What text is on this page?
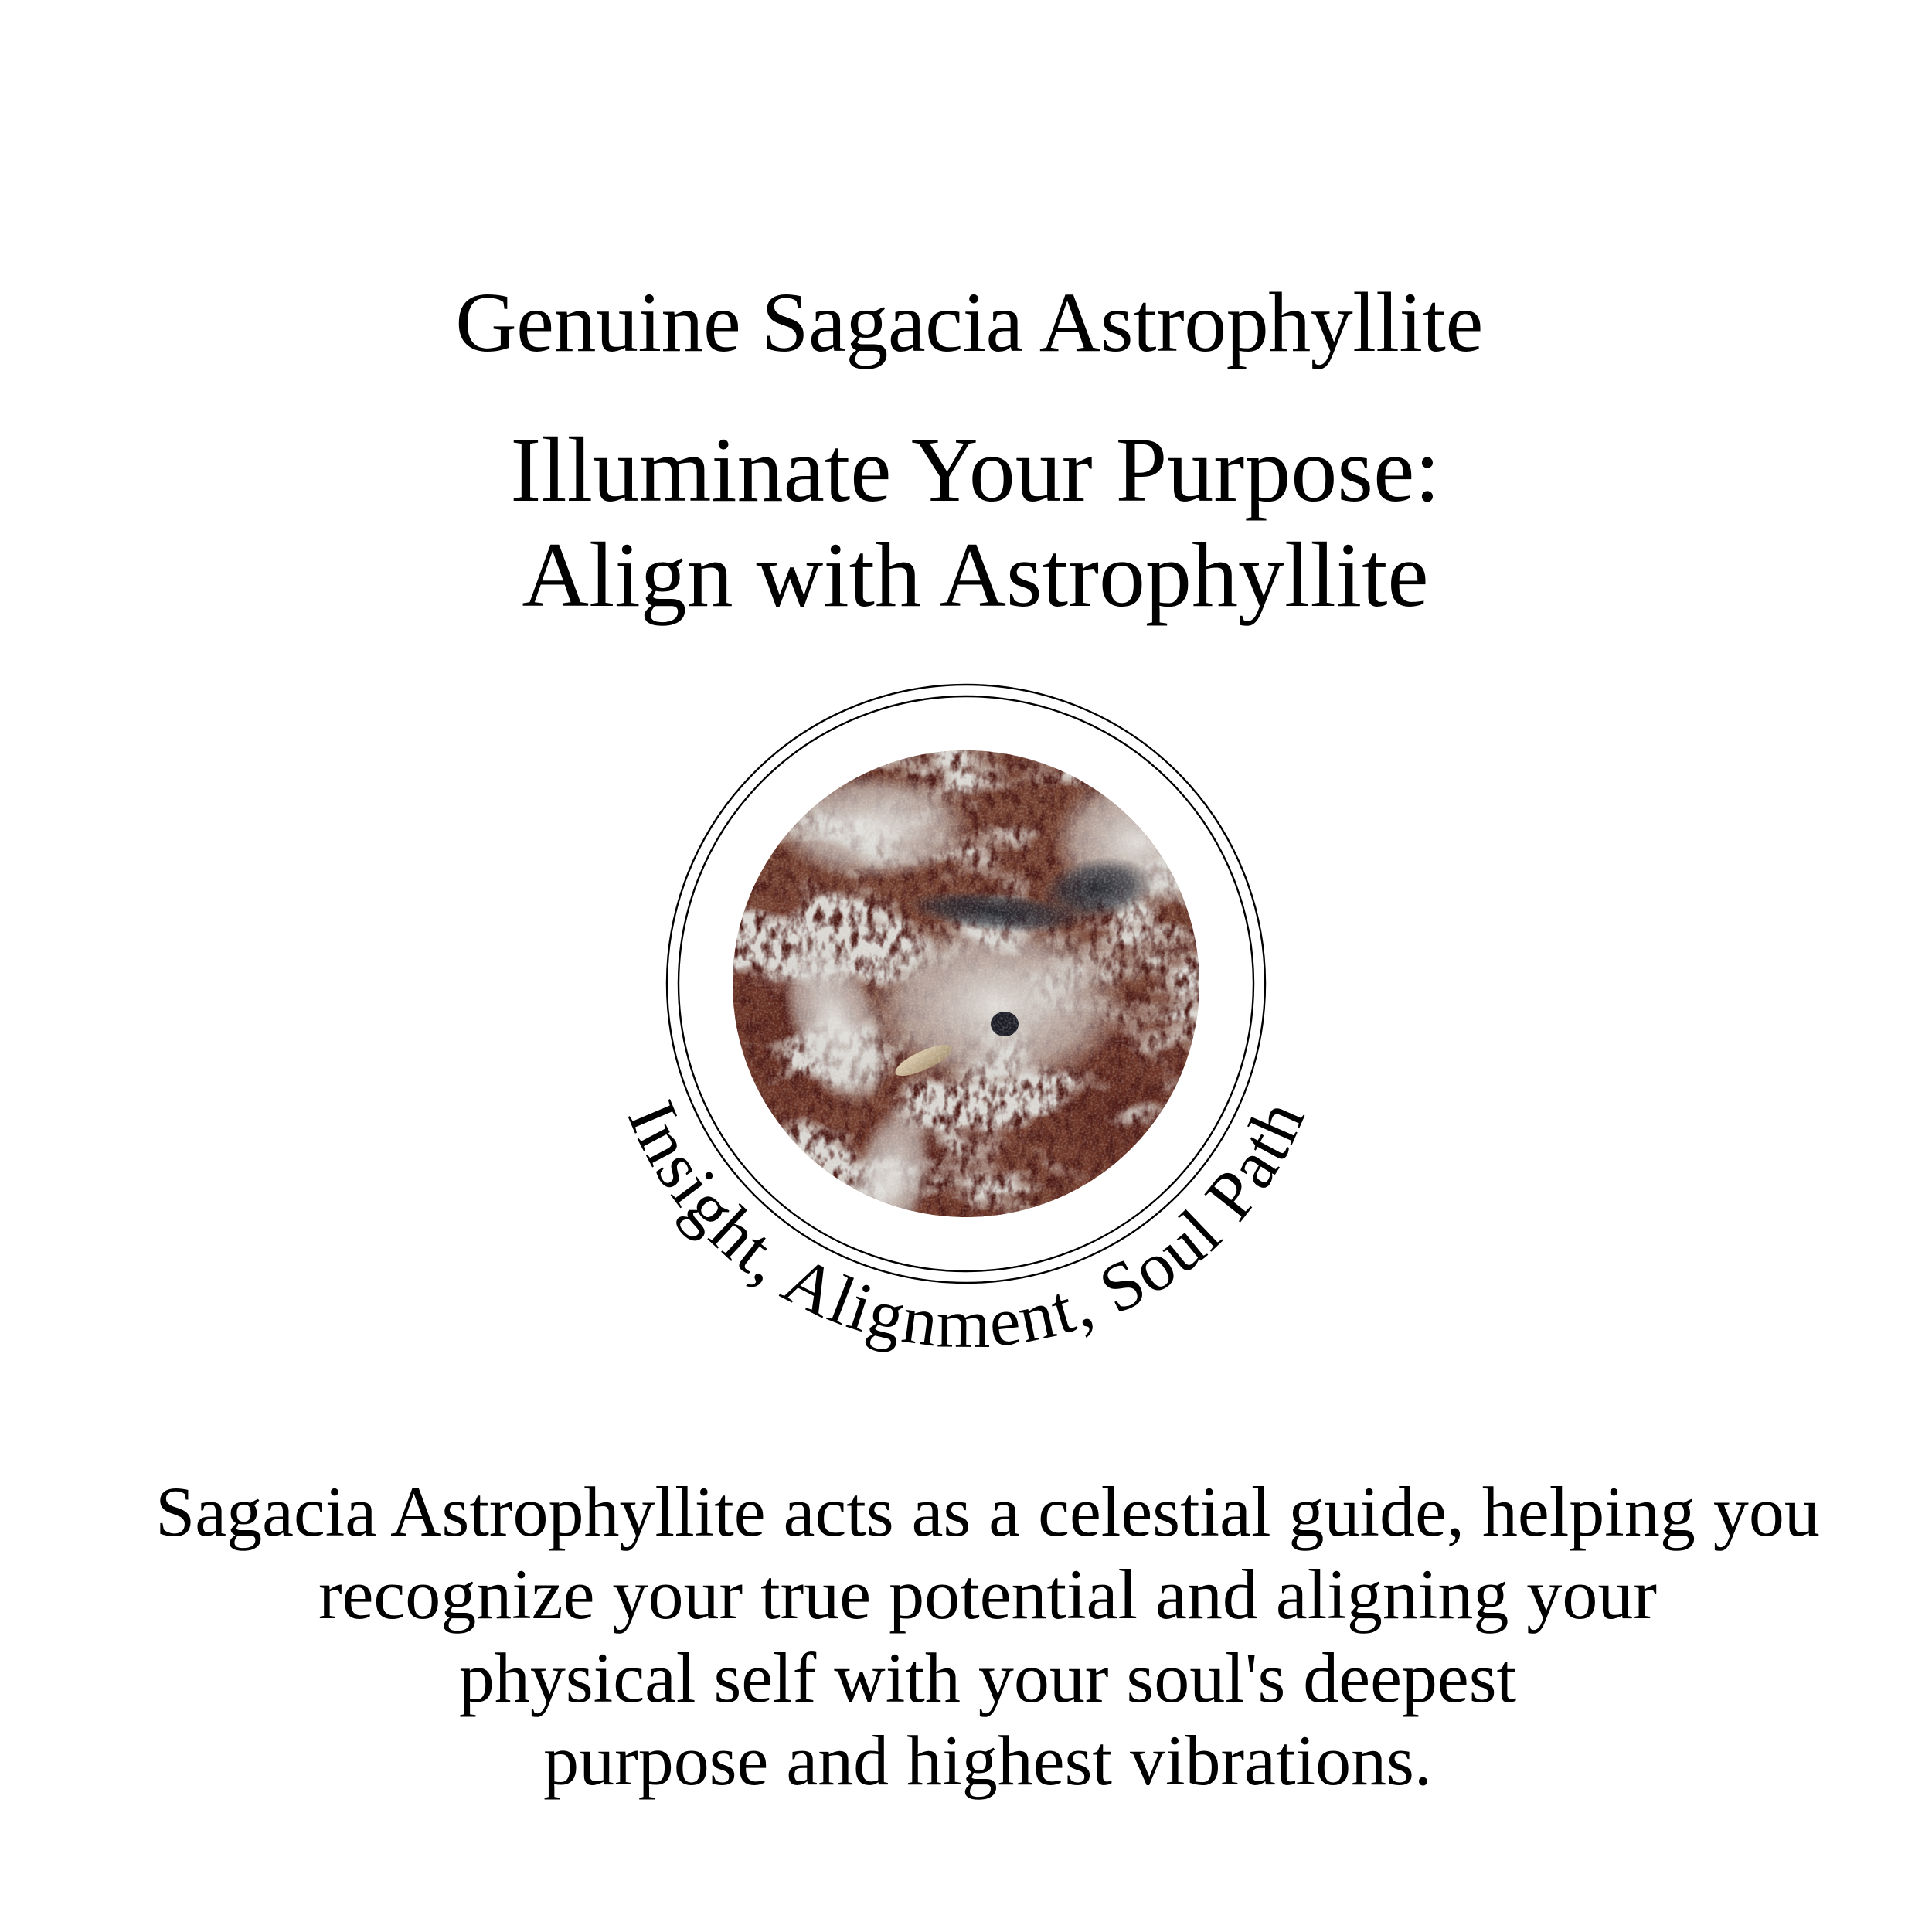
Genuine Sagacia Astrophyllite
Illuminate Your Purpose:
Align with Astrophyllite
Insight, Alignment, Soul Path
Sagacia Astrophyllite acts as a celestial guide, helping you
recognize your true potential and aligning your
physical self with your soul's deepest
purpose and highest vibrations.
